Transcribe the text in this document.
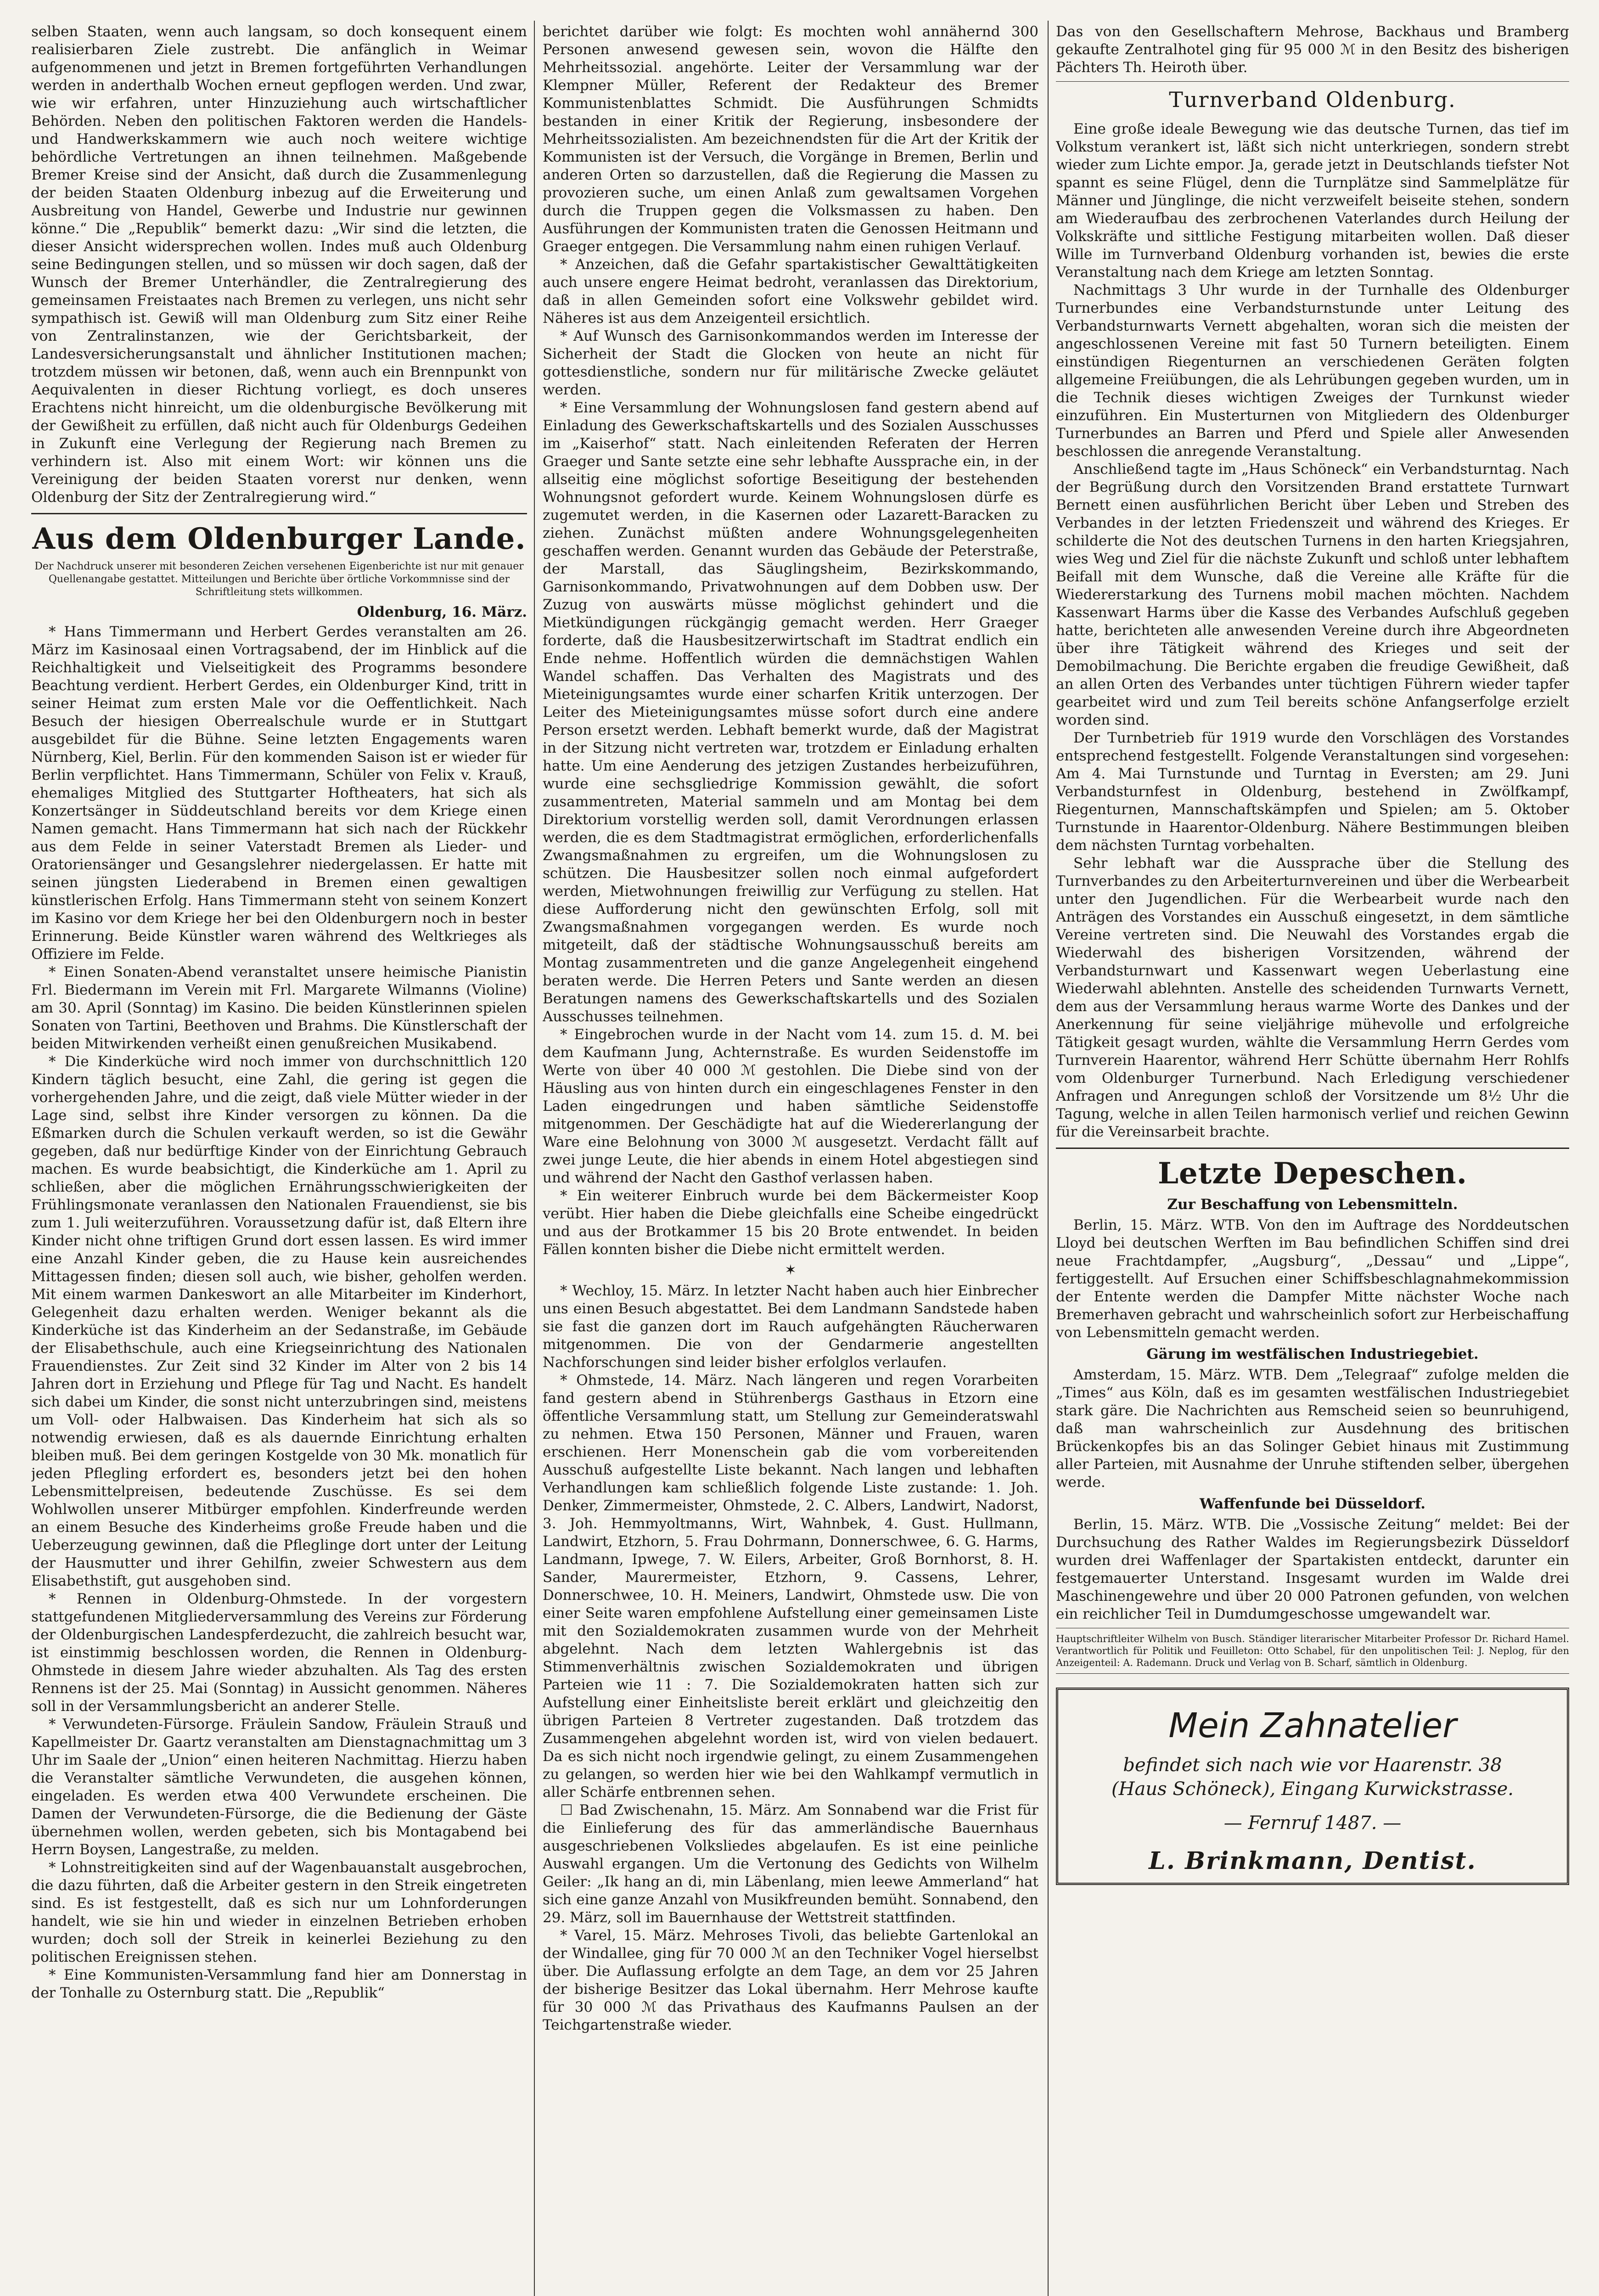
selben Staaten, wenn auch langsam, so doch konsequent einem realisierbaren Ziele zustrebt. Die anfänglich in Weimar aufgenommenen und jetzt in Bremen fortgeführten Verhandlungen werden in anderthalb Wochen erneut gepflogen werden. Und zwar, wie wir erfahren, unter Hinzuziehung auch wirtschaftlicher Behörden. Neben den politischen Faktoren werden die Handels- und Handwerkskammern wie auch noch weitere wichtige behördliche Vertretungen an ihnen teilnehmen. Maßgebende Bremer Kreise sind der Ansicht, daß durch die Zusammenlegung der beiden Staaten Oldenburg inbezug auf die Erweiterung und Ausbreitung von Handel, Gewerbe und Industrie nur gewinnen könne.“ Die „Republik“ bemerkt dazu: „Wir sind die letzten, die dieser Ansicht widersprechen wollen. Indes muß auch Oldenburg seine Bedingungen stellen, und so müssen wir doch sagen, daß der Wunsch der Bremer Unterhändler, die Zentralregierung des gemeinsamen Freistaates nach Bremen zu verlegen, uns nicht sehr sympathisch ist. Gewiß will man Oldenburg zum Sitz einer Reihe von Zentralinstanzen, wie der Gerichtsbarkeit, der Landesversicherungsanstalt und ähnlicher Institutionen machen; trotzdem müssen wir betonen, daß, wenn auch ein Brennpunkt von Aequivalenten in dieser Richtung vorliegt, es doch unseres Erachtens nicht hinreicht, um die oldenburgische Bevölkerung mit der Gewißheit zu erfüllen, daß nicht auch für Oldenburgs Gedeihen in Zukunft eine Verlegung der Regierung nach Bremen zu verhindern ist. Also mit einem Wort: wir können uns die Vereinigung der beiden Staaten vorerst nur denken, wenn Oldenburg der Sitz der Zentralregierung wird.“

Aus dem Oldenburger Lande.
Der Nachdruck unserer mit besonderen Zeichen versehenen Eigenberichte ist nur mit genauer Quellenangabe gestattet. Mitteilungen und Berichte über örtliche Vorkommnisse sind der Schriftleitung stets willkommen.
Oldenburg, 16. März.

* Hans Timmermann und Herbert Gerdes veranstalten am 26. März im Kasinosaal einen Vortragsabend, der im Hinblick auf die Reichhaltigkeit und Vielseitigkeit des Programms besondere Beachtung verdient. Herbert Gerdes, ein Oldenburger Kind, tritt in seiner Heimat zum ersten Male vor die Oeffentlichkeit. Nach Besuch der hiesigen Oberrealschule wurde er in Stuttgart ausgebildet für die Bühne. Seine letzten Engagements waren Nürnberg, Kiel, Berlin. Für den kommenden Saison ist er wieder für Berlin verpflichtet. Hans Timmermann, Schüler von Felix v. Krauß, ehemaliges Mitglied des Stuttgarter Hoftheaters, hat sich als Konzertsänger in Süddeutschland bereits vor dem Kriege einen Namen gemacht. Hans Timmermann hat sich nach der Rückkehr aus dem Felde in seiner Vaterstadt Bremen als Lieder- und Oratoriensänger und Gesangslehrer niedergelassen. Er hatte mit seinen jüngsten Liederabend in Bremen einen gewaltigen künstlerischen Erfolg. Hans Timmermann steht von seinem Konzert im Kasino vor dem Kriege her bei den Oldenburgern noch in bester Erinnerung. Beide Künstler waren während des Weltkrieges als Offiziere im Felde.

* Einen Sonaten-Abend veranstaltet unsere heimische Pianistin Frl. Biedermann im Verein mit Frl. Margarete Wilmanns (Violine) am 30. April (Sonntag) im Kasino. Die beiden Künstlerinnen spielen Sonaten von Tartini, Beethoven und Brahms. Die Künstlerschaft der beiden Mitwirkenden verheißt einen genußreichen Musikabend.

* Die Kinderküche wird noch immer von durchschnittlich 120 Kindern täglich besucht, eine Zahl, die gering ist gegen die vorhergehenden Jahre, und die zeigt, daß viele Mütter wieder in der Lage sind, selbst ihre Kinder versorgen zu können. Da die Eßmarken durch die Schulen verkauft werden, so ist die Gewähr gegeben, daß nur bedürftige Kinder von der Einrichtung Gebrauch machen. Es wurde beabsichtigt, die Kinderküche am 1. April zu schließen, aber die möglichen Ernährungsschwierigkeiten der Frühlingsmonate veranlassen den Nationalen Frauendienst, sie bis zum 1. Juli weiterzuführen. Voraussetzung dafür ist, daß Eltern ihre Kinder nicht ohne triftigen Grund dort essen lassen. Es wird immer eine Anzahl Kinder geben, die zu Hause kein ausreichendes Mittagessen finden; diesen soll auch, wie bisher, geholfen werden. Mit einem warmen Dankeswort an alle Mitarbeiter im Kinderhort, Gelegenheit dazu erhalten werden. Weniger bekannt als die Kinderküche ist das Kinderheim an der Sedanstraße, im Gebäude der Elisabethschule, auch eine Kriegseinrichtung des Nationalen Frauendienstes. Zur Zeit sind 32 Kinder im Alter von 2 bis 14 Jahren dort in Erziehung und Pflege für Tag und Nacht. Es handelt sich dabei um Kinder, die sonst nicht unterzubringen sind, meistens um Voll- oder Halbwaisen. Das Kinderheim hat sich als so notwendig erwiesen, daß es als dauernde Einrichtung erhalten bleiben muß. Bei dem geringen Kostgelde von 30 Mk. monatlich für jeden Pflegling erfordert es, besonders jetzt bei den hohen Lebensmittelpreisen, bedeutende Zuschüsse. Es sei dem Wohlwollen unserer Mitbürger empfohlen. Kinderfreunde werden an einem Besuche des Kinderheims große Freude haben und die Ueberzeugung gewinnen, daß die Pfleglinge dort unter der Leitung der Hausmutter und ihrer Gehilfin, zweier Schwestern aus dem Elisabethstift, gut ausgehoben sind.

* Rennen in Oldenburg-Ohmstede. In der vorgestern stattgefundenen Mitgliederversammlung des Vereins zur Förderung der Oldenburgischen Landespferdezucht, die zahlreich besucht war, ist einstimmig beschlossen worden, die Rennen in Oldenburg-Ohmstede in diesem Jahre wieder abzuhalten. Als Tag des ersten Rennens ist der 25. Mai (Sonntag) in Aussicht genommen. Näheres soll in der Versammlungsbericht an anderer Stelle.

* Verwundeten-Fürsorge. Fräulein Sandow, Fräulein Strauß und Kapellmeister Dr. Gaartz veranstalten am Dienstagnachmittag um 3 Uhr im Saale der „Union“ einen heiteren Nachmittag. Hierzu haben die Veranstalter sämtliche Verwundeten, die ausgehen können, eingeladen. Es werden etwa 400 Verwundete erscheinen. Die Damen der Verwundeten-Fürsorge, die die Bedienung der Gäste übernehmen wollen, werden gebeten, sich bis Montagabend bei Herrn Boysen, Langestraße, zu melden.

* Lohnstreitigkeiten sind auf der Wagenbauanstalt ausgebrochen, die dazu führten, daß die Arbeiter gestern in den Streik eingetreten sind. Es ist festgestellt, daß es sich nur um Lohnforderungen handelt, wie sie hin und wieder in einzelnen Betrieben erhoben wurden; doch soll der Streik in keinerlei Beziehung zu den politischen Ereignissen stehen.

* Eine Kommunisten-Versammlung fand hier am Donnerstag in der Tonhalle zu Osternburg statt. Die „Republik“

berichtet darüber wie folgt: Es mochten wohl annähernd 300 Personen anwesend gewesen sein, wovon die Hälfte den Mehrheitssozial. angehörte. Leiter der Versammlung war der Klempner Müller, Referent der Redakteur des Bremer Kommunistenblattes Schmidt. Die Ausführungen Schmidts bestanden in einer Kritik der Regierung, insbesondere der Mehrheitssozialisten. Am bezeichnendsten für die Art der Kritik der Kommunisten ist der Versuch, die Vorgänge in Bremen, Berlin und anderen Orten so darzustellen, daß die Regierung die Massen zu provozieren suche, um einen Anlaß zum gewaltsamen Vorgehen durch die Truppen gegen die Volksmassen zu haben. Den Ausführungen der Kommunisten traten die Genossen Heitmann und Graeger entgegen. Die Versammlung nahm einen ruhigen Verlauf.

* Anzeichen, daß die Gefahr spartakistischer Gewalttätigkeiten auch unsere engere Heimat bedroht, veranlassen das Direktorium, daß in allen Gemeinden sofort eine Volkswehr gebildet wird. Näheres ist aus dem Anzeigenteil ersichtlich.

* Auf Wunsch des Garnisonkommandos werden im Interesse der Sicherheit der Stadt die Glocken von heute an nicht für gottesdienstliche, sondern nur für militärische Zwecke geläutet werden.

* Eine Versammlung der Wohnungslosen fand gestern abend auf Einladung des Gewerkschaftskartells und des Sozialen Ausschusses im „Kaiserhof“ statt. Nach einleitenden Referaten der Herren Graeger und Sante setzte eine sehr lebhafte Aussprache ein, in der allseitig eine möglichst sofortige Beseitigung der bestehenden Wohnungsnot gefordert wurde. Keinem Wohnungslosen dürfe es zugemutet werden, in die Kasernen oder Lazarett-Baracken zu ziehen. Zunächst müßten andere Wohnungsgelegenheiten geschaffen werden. Genannt wurden das Gebäude der Peterstraße, der Marstall, das Säuglingsheim, Bezirkskommando, Garnisonkommando, Privatwohnungen auf dem Dobben usw. Der Zuzug von auswärts müsse möglichst gehindert und die Mietkündigungen rückgängig gemacht werden. Herr Graeger forderte, daß die Hausbesitzerwirtschaft im Stadtrat endlich ein Ende nehme. Hoffentlich würden die demnächstigen Wahlen Wandel schaffen. Das Verhalten des Magistrats und des Mieteinigungsamtes wurde einer scharfen Kritik unterzogen. Der Leiter des Mieteinigungsamtes müsse sofort durch eine andere Person ersetzt werden. Lebhaft bemerkt wurde, daß der Magistrat in der Sitzung nicht vertreten war, trotzdem er Einladung erhalten hatte. Um eine Aenderung des jetzigen Zustandes herbeizuführen, wurde eine sechsgliedrige Kommission gewählt, die sofort zusammentreten, Material sammeln und am Montag bei dem Direktorium vorstellig werden soll, damit Verordnungen erlassen werden, die es dem Stadtmagistrat ermöglichen, erforderlichenfalls Zwangsmaßnahmen zu ergreifen, um die Wohnungslosen zu schützen. Die Hausbesitzer sollen noch einmal aufgefordert werden, Mietwohnungen freiwillig zur Verfügung zu stellen. Hat diese Aufforderung nicht den gewünschten Erfolg, soll mit Zwangsmaßnahmen vorgegangen werden. Es wurde noch mitgeteilt, daß der städtische Wohnungsausschuß bereits am Montag zusammentreten und die ganze Angelegenheit eingehend beraten werde. Die Herren Peters und Sante werden an diesen Beratungen namens des Gewerkschaftskartells und des Sozialen Ausschusses teilnehmen.

* Eingebrochen wurde in der Nacht vom 14. zum 15. d. M. bei dem Kaufmann Jung, Achternstraße. Es wurden Seidenstoffe im Werte von über 40 000 ℳ gestohlen. Die Diebe sind von der Häusling aus von hinten durch ein eingeschlagenes Fenster in den Laden eingedrungen und haben sämtliche Seidenstoffe mitgenommen. Der Geschädigte hat auf die Wiedererlangung der Ware eine Belohnung von 3000 ℳ ausgesetzt. Verdacht fällt auf zwei junge Leute, die hier abends in einem Hotel abgestiegen sind und während der Nacht den Gasthof verlassen haben.

* Ein weiterer Einbruch wurde bei dem Bäckermeister Koop verübt. Hier haben die Diebe gleichfalls eine Scheibe eingedrückt und aus der Brotkammer 15 bis 20 Brote entwendet. In beiden Fällen konnten bisher die Diebe nicht ermittelt werden.

✶

* Wechloy, 15. März. In letzter Nacht haben auch hier Einbrecher uns einen Besuch abgestattet. Bei dem Landmann Sandstede haben sie fast die ganzen dort im Rauch aufgehängten Räucherwaren mitgenommen. Die von der Gendarmerie angestellten Nachforschungen sind leider bisher erfolglos verlaufen.

* Ohmstede, 14. März. Nach längeren und regen Vorarbeiten fand gestern abend in Stührenbergs Gasthaus in Etzorn eine öffentliche Versammlung statt, um Stellung zur Gemeinderatswahl zu nehmen. Etwa 150 Personen, Männer und Frauen, waren erschienen. Herr Monenschein gab die vom vorbereitenden Ausschuß aufgestellte Liste bekannt. Nach langen und lebhaften Verhandlungen kam schließlich folgende Liste zustande: 1. Joh. Denker, Zimmermeister, Ohmstede, 2. C. Albers, Landwirt, Nadorst, 3. Joh. Hemmyoltmanns, Wirt, Wahnbek, 4. Gust. Hullmann, Landwirt, Etzhorn, 5. Frau Dohrmann, Donnerschwee, 6. G. Harms, Landmann, Ipwege, 7. W. Eilers, Arbeiter, Groß Bornhorst, 8. H. Sander, Maurermeister, Etzhorn, 9. Cassens, Lehrer, Donnerschwee, 10. H. Meiners, Landwirt, Ohmstede usw. Die von einer Seite waren empfohlene Aufstellung einer gemeinsamen Liste mit den Sozialdemokraten zusammen wurde von der Mehrheit abgelehnt. Nach dem letzten Wahlergebnis ist das Stimmenverhältnis zwischen Sozialdemokraten und übrigen Parteien wie 11 : 7. Die Sozialdemokraten hatten sich zur Aufstellung einer Einheitsliste bereit erklärt und gleichzeitig den übrigen Parteien 8 Vertreter zugestanden. Daß trotzdem das Zusammengehen abgelehnt worden ist, wird von vielen bedauert. Da es sich nicht noch irgendwie gelingt, zu einem Zusammengehen zu gelangen, so werden hier wie bei den Wahlkampf vermutlich in aller Schärfe entbrennen sehen.

☐ Bad Zwischenahn, 15. März. Am Sonnabend war die Frist für die Einlieferung des für das ammerländische Bauernhaus ausgeschriebenen Volksliedes abgelaufen. Es ist eine peinliche Auswahl ergangen. Um die Vertonung des Gedichts von Wilhelm Geiler: „Ik hang an di, min Läbenlang, mien leewe Ammerland“ hat sich eine ganze Anzahl von Musikfreunden bemüht. Sonnabend, den 29. März, soll im Bauernhause der Wettstreit stattfinden.

* Varel, 15. März. Mehroses Tivoli, das beliebte Gartenlokal an der Windallee, ging für 70 000 ℳ an den Techniker Vogel hierselbst über. Die Auflassung erfolgte an dem Tage, an dem vor 25 Jahren der bisherige Besitzer das Lokal übernahm. Herr Mehrose kaufte für 30 000 ℳ das Privathaus des Kaufmanns Paulsen an der Teichgartenstraße wieder.

Das von den Gesellschaftern Mehrose, Backhaus und Bramberg gekaufte Zentralhotel ging für 95 000 ℳ in den Besitz des bisherigen Pächters Th. Heiroth über.

Turnverband Oldenburg.

Eine große ideale Bewegung wie das deutsche Turnen, das tief im Volkstum verankert ist, läßt sich nicht unterkriegen, sondern strebt wieder zum Lichte empor. Ja, gerade jetzt in Deutschlands tiefster Not spannt es seine Flügel, denn die Turnplätze sind Sammelplätze für Männer und Jünglinge, die nicht verzweifelt beiseite stehen, sondern am Wiederaufbau des zerbrochenen Vaterlandes durch Heilung der Volkskräfte und sittliche Festigung mitarbeiten wollen. Daß dieser Wille im Turnverband Oldenburg vorhanden ist, bewies die erste Veranstaltung nach dem Kriege am letzten Sonntag.

Nachmittags 3 Uhr wurde in der Turnhalle des Oldenburger Turnerbundes eine Verbandsturnstunde unter Leitung des Verbandsturnwarts Vernett abgehalten, woran sich die meisten der angeschlossenen Vereine mit fast 50 Turnern beteiligten. Einem einstündigen Riegenturnen an verschiedenen Geräten folgten allgemeine Freiübungen, die als Lehrübungen gegeben wurden, um in die Technik dieses wichtigen Zweiges der Turnkunst wieder einzuführen. Ein Musterturnen von Mitgliedern des Oldenburger Turnerbundes an Barren und Pferd und Spiele aller Anwesenden beschlossen die anregende Veranstaltung.

Anschließend tagte im „Haus Schöneck“ ein Verbandsturntag. Nach der Begrüßung durch den Vorsitzenden Brand erstattete Turnwart Bernett einen ausführlichen Bericht über Leben und Streben des Verbandes in der letzten Friedenszeit und während des Krieges. Er schilderte die Not des deutschen Turnens in den harten Kriegsjahren, wies Weg und Ziel für die nächste Zukunft und schloß unter lebhaftem Beifall mit dem Wunsche, daß die Vereine alle Kräfte für die Wiedererstarkung des Turnens mobil machen möchten. Nachdem Kassenwart Harms über die Kasse des Verbandes Aufschluß gegeben hatte, berichteten alle anwesenden Vereine durch ihre Abgeordneten über ihre Tätigkeit während des Krieges und seit der Demobilmachung. Die Berichte ergaben die freudige Gewißheit, daß an allen Orten des Verbandes unter tüchtigen Führern wieder tapfer gearbeitet wird und zum Teil bereits schöne Anfangserfolge erzielt worden sind.

Der Turnbetrieb für 1919 wurde den Vorschlägen des Vorstandes entsprechend festgestellt. Folgende Veranstaltungen sind vorgesehen: Am 4. Mai Turnstunde und Turntag in Eversten; am 29. Juni Verbandsturnfest in Oldenburg, bestehend in Zwölfkampf, Riegenturnen, Mannschaftskämpfen und Spielen; am 5. Oktober Turnstunde in Haarentor-Oldenburg. Nähere Bestimmungen bleiben dem nächsten Turntag vorbehalten.

Sehr lebhaft war die Aussprache über die Stellung des Turnverbandes zu den Arbeiterturnvereinen und über die Werbearbeit unter den Jugendlichen. Für die Werbearbeit wurde nach den Anträgen des Vorstandes ein Ausschuß eingesetzt, in dem sämtliche Vereine vertreten sind. Die Neuwahl des Vorstandes ergab die Wiederwahl des bisherigen Vorsitzenden, während der Verbandsturnwart und Kassenwart wegen Ueberlastung eine Wiederwahl ablehnten. Anstelle des scheidenden Turnwarts Vernett, dem aus der Versammlung heraus warme Worte des Dankes und der Anerkennung für seine vieljährige mühevolle und erfolgreiche Tätigkeit gesagt wurden, wählte die Versammlung Herrn Gerdes vom Turnverein Haarentor, während Herr Schütte übernahm Herr Rohlfs vom Oldenburger Turnerbund. Nach Erledigung verschiedener Anfragen und Anregungen schloß der Vorsitzende um 8½ Uhr die Tagung, welche in allen Teilen harmonisch verlief und reichen Gewinn für die Vereinsarbeit brachte.

Letzte Depeschen.
Zur Beschaffung von Lebensmitteln.

Berlin, 15. März. WTB. Von den im Auftrage des Norddeutschen Lloyd bei deutschen Werften im Bau befindlichen Schiffen sind drei neue Frachtdampfer, „Augsburg“, „Dessau“ und „Lippe“, fertiggestellt. Auf Ersuchen einer Schiffsbeschlagnahmekommission der Entente werden die Dampfer Mitte nächster Woche nach Bremerhaven gebracht und wahrscheinlich sofort zur Herbeischaffung von Lebensmitteln gemacht werden.

Gärung im westfälischen Industriegebiet.

Amsterdam, 15. März. WTB. Dem „Telegraaf“ zufolge melden die „Times“ aus Köln, daß es im gesamten westfälischen Industriegebiet stark gäre. Die Nachrichten aus Remscheid seien so beunruhigend, daß man wahrscheinlich zur Ausdehnung des britischen Brückenkopfes bis an das Solinger Gebiet hinaus mit Zustimmung aller Parteien, mit Ausnahme der Unruhe stiftenden selber, übergehen werde.

Waffenfunde bei Düsseldorf.

Berlin, 15. März. WTB. Die „Vossische Zeitung“ meldet: Bei der Durchsuchung des Rather Waldes im Regierungsbezirk Düsseldorf wurden drei Waffenlager der Spartakisten entdeckt, darunter ein festgemauerter Unterstand. Insgesamt wurden im Walde drei Maschinengewehre und über 20 000 Patronen gefunden, von welchen ein reichlicher Teil in Dumdumgeschosse umgewandelt war.

Hauptschriftleiter Wilhelm von Busch. Ständiger literarischer Mitarbeiter Professor Dr. Richard Hamel. Verantwortlich für Politik und Feuilleton: Otto Schabel, für den unpolitischen Teil: J. Neplog, für den Anzeigenteil: A. Rademann. Druck und Verlag von B. Scharf, sämtlich in Oldenburg.
Mein Zahnatelier
befindet sich nach wie vor Haarenstr. 38
(Haus Schöneck), Eingang Kurwickstrasse.
— Fernruf 1487. —
L. Brinkmann, Dentist.
